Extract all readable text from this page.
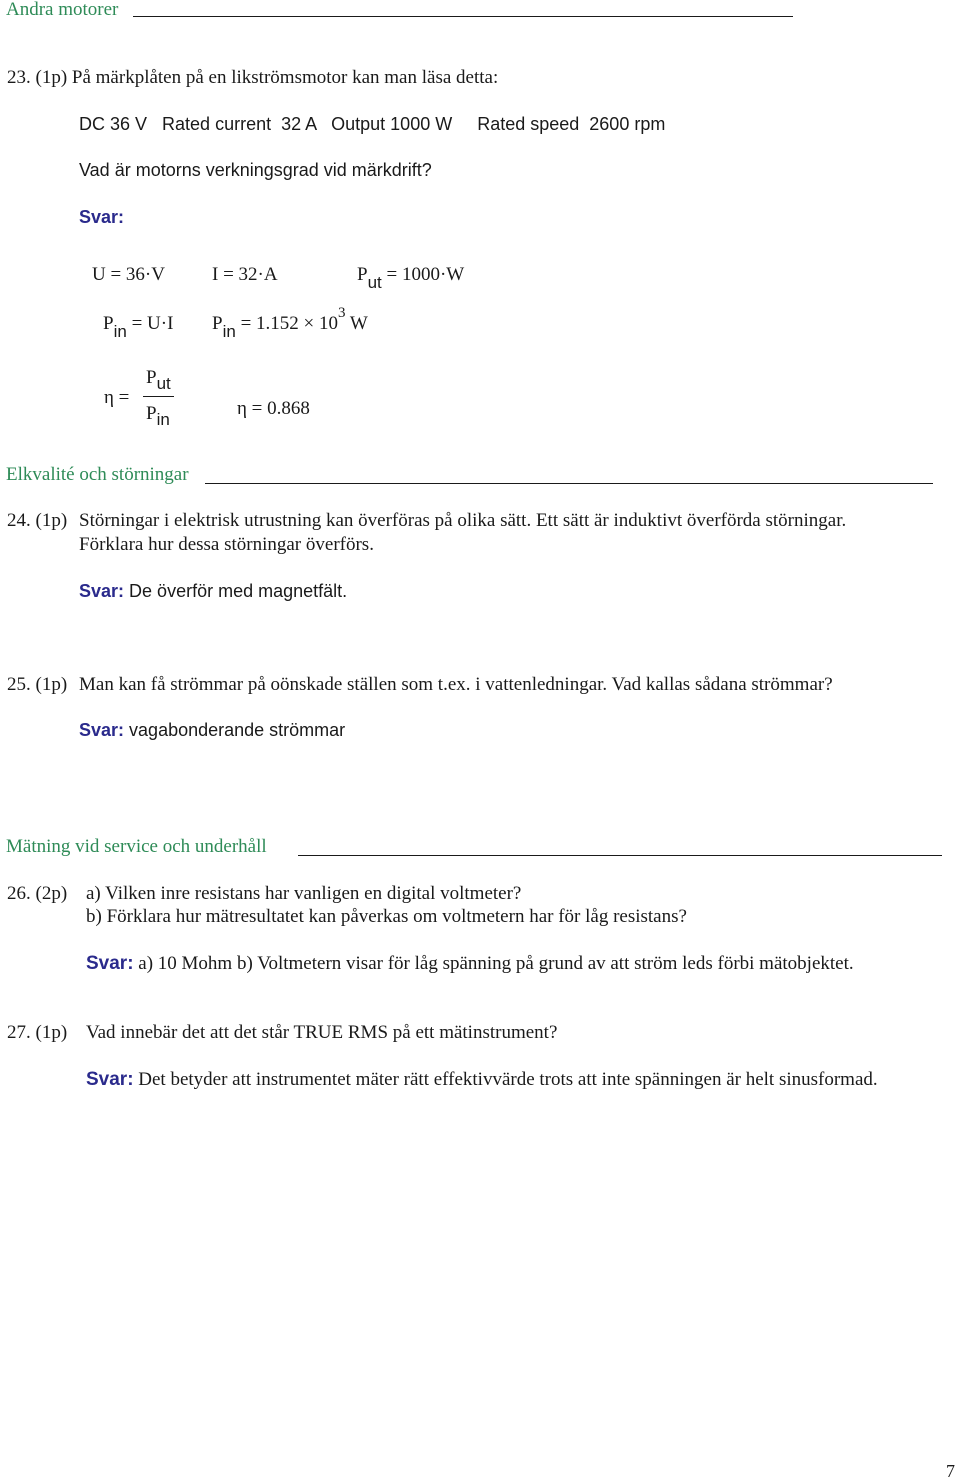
Andra motorer
23. (1p) På märkplåten på en likströmsmotor kan man läsa detta:
DC 36 V   Rated current  32 A   Output 1000 W     Rated speed  2600 rpm
Vad är motorns verkningsgrad vid märkdrift?
Svar:
U = 36·V I = 32·A	Put = 1000·W
Pin = U·I Pin = $1.152 \times 10^3$ W
η =
Put
Pin
η = 0.868
Elkvalité och störningar
24. (1p) Störningar i elektrisk utrustning kan överföras på olika sätt. Ett sätt är induktivt överförda störningar.
Förklara hur dessa störningar överförs.
Svar: De överför med magnetfält.
25. (1p) Man kan få strömmar på oönskade ställen som t.ex. i vattenledningar. Vad kallas sådana strömmar?
Svar: vagabonderande strömmar
Mätning vid service och underhåll
26. (2p) a) Vilken inre resistans har vanligen en digital voltmeter?
b) Förklara hur mätresultatet kan påverkas om voltmetern har för låg resistans?
Svar: a) 10 Mohm b) Voltmetern visar för låg spänning på grund av att ström leds förbi mätobjektet.
27. (1p) Vad innebär det att det står TRUE RMS på ett mätinstrument?
Svar: Det betyder att instrumentet mäter rätt effektivvärde trots att inte spänningen är helt sinusformad.
7
